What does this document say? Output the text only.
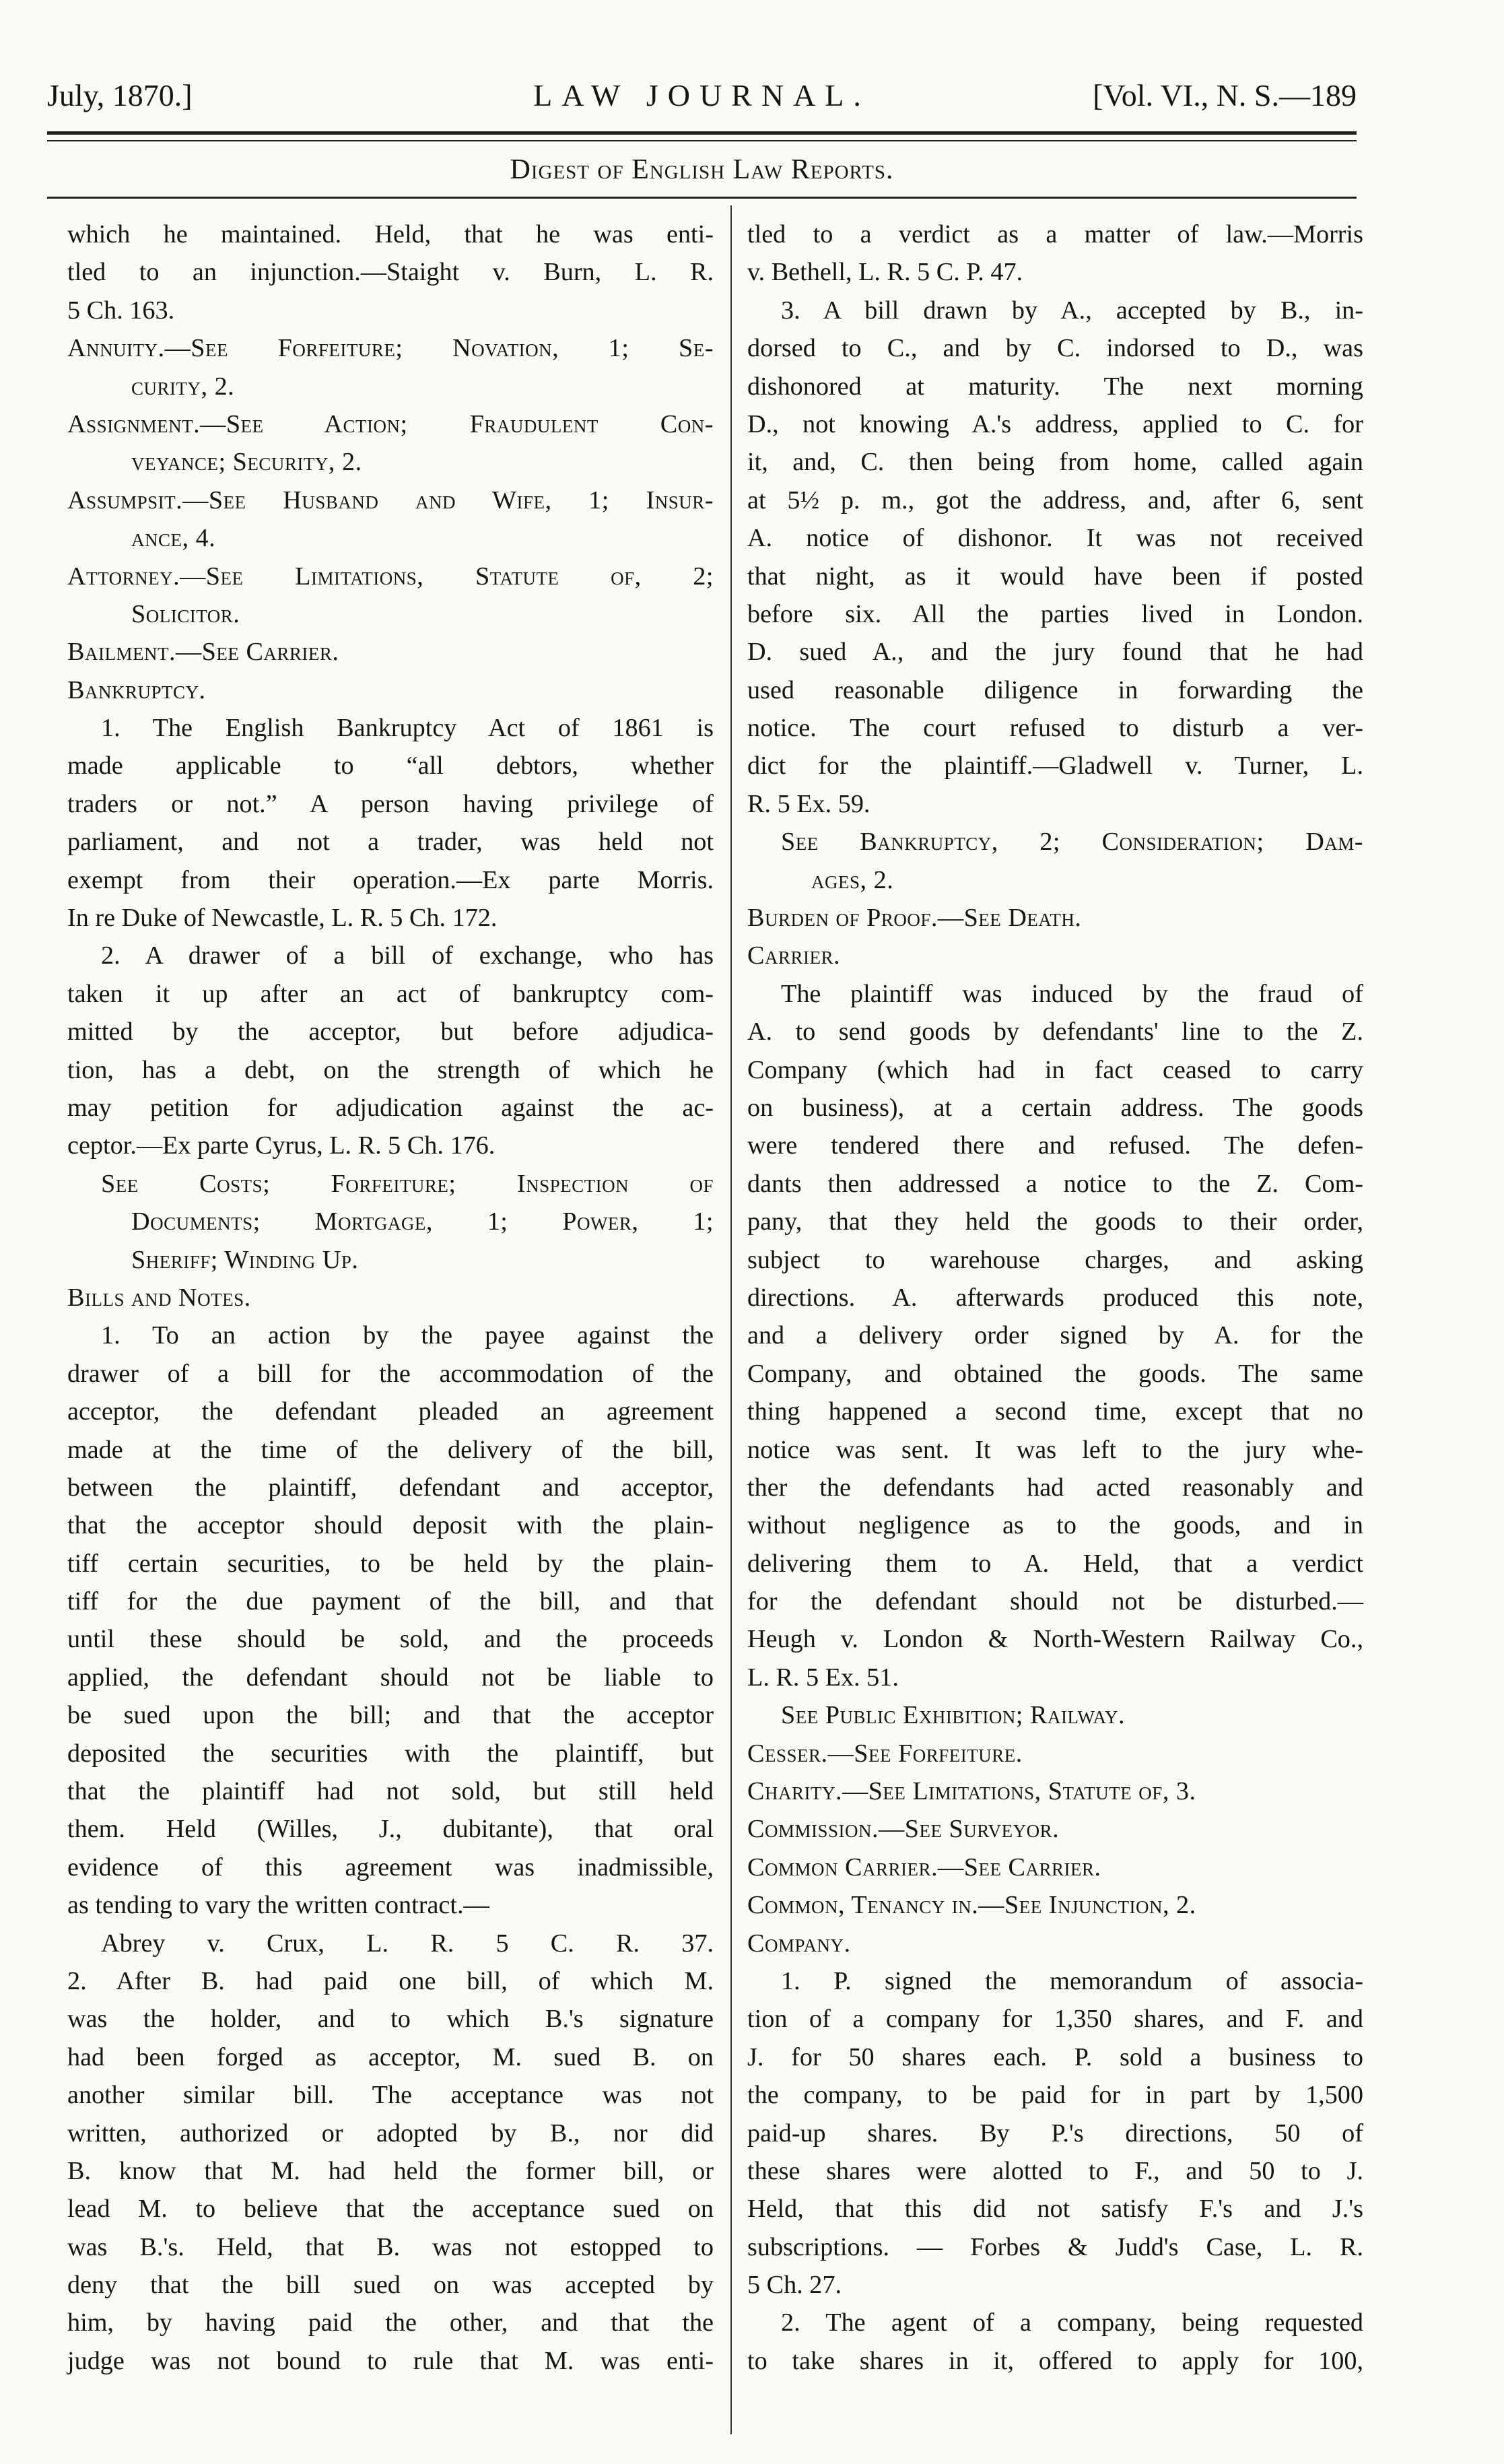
July, 1870.]	LAW JOURNAL.	[Vol. VI., N. S.—189
Digest of English Law Reports.
which he maintained. Held, that he was enti-
tled to an injunction.—Staight v. Burn, L. R.
5 Ch. 163.
Annuity.—See Forfeiture; Novation, 1; Se-
curity, 2.
Assignment.—See Action; Fraudulent Con-
veyance; Security, 2.
Assumpsit.—See Husband and Wife, 1; Insur-
ance, 4.
Attorney.—See Limitations, Statute of, 2;
Solicitor.
Bailment.—See Carrier.
Bankruptcy.
1. The English Bankruptcy Act of 1861 is
made applicable to “all debtors, whether
traders or not.” A person having privilege of
parliament, and not a trader, was held not
exempt from their operation.—Ex parte Morris.
In re Duke of Newcastle, L. R. 5 Ch. 172.
2. A drawer of a bill of exchange, who has
taken it up after an act of bankruptcy com-
mitted by the acceptor, but before adjudica-
tion, has a debt, on the strength of which he
may petition for adjudication against the ac-
ceptor.—Ex parte Cyrus, L. R. 5 Ch. 176.
See Costs; Forfeiture; Inspection of
Documents; Mortgage, 1; Power, 1;
Sheriff; Winding Up.
Bills and Notes.
1. To an action by the payee against the
drawer of a bill for the accommodation of the
acceptor, the defendant pleaded an agreement
made at the time of the delivery of the bill,
between the plaintiff, defendant and acceptor,
that the acceptor should deposit with the plain-
tiff certain securities, to be held by the plain-
tiff for the due payment of the bill, and that
until these should be sold, and the proceeds
applied, the defendant should not be liable to
be sued upon the bill; and that the acceptor
deposited the securities with the plaintiff, but
that the plaintiff had not sold, but still held
them. Held (Willes, J., dubitante), that oral
evidence of this agreement was inadmissible,
as tending to vary the written contract.—
Abrey v. Crux, L. R. 5 C. R. 37.
2. After B. had paid one bill, of which M.
was the holder, and to which B.'s signature
had been forged as acceptor, M. sued B. on
another similar bill. The acceptance was not
written, authorized or adopted by B., nor did
B. know that M. had held the former bill, or
lead M. to believe that the acceptance sued on
was B.'s. Held, that B. was not estopped to
deny that the bill sued on was accepted by
him, by having paid the other, and that the
judge was not bound to rule that M. was enti-
tled to a verdict as a matter of law.—Morris
v. Bethell, L. R. 5 C. P. 47.
3. A bill drawn by A., accepted by B., in-
dorsed to C., and by C. indorsed to D., was
dishonored at maturity. The next morning
D., not knowing A.'s address, applied to C. for
it, and, C. then being from home, called again
at 5½ p. m., got the address, and, after 6, sent
A. notice of dishonor. It was not received
that night, as it would have been if posted
before six. All the parties lived in London.
D. sued A., and the jury found that he had
used reasonable diligence in forwarding the
notice. The court refused to disturb a ver-
dict for the plaintiff.—Gladwell v. Turner, L.
R. 5 Ex. 59.
See Bankruptcy, 2; Consideration; Dam-
ages, 2.
Burden of Proof.—See Death.
Carrier.
The plaintiff was induced by the fraud of
A. to send goods by defendants' line to the Z.
Company (which had in fact ceased to carry
on business), at a certain address. The goods
were tendered there and refused. The defen-
dants then addressed a notice to the Z. Com-
pany, that they held the goods to their order,
subject to warehouse charges, and asking
directions. A. afterwards produced this note,
and a delivery order signed by A. for the
Company, and obtained the goods. The same
thing happened a second time, except that no
notice was sent. It was left to the jury whe-
ther the defendants had acted reasonably and
without negligence as to the goods, and in
delivering them to A. Held, that a verdict
for the defendant should not be disturbed.—
Heugh v. London & North-Western Railway Co.,
L. R. 5 Ex. 51.
See Public Exhibition; Railway.
Cesser.—See Forfeiture.
Charity.—See Limitations, Statute of, 3.
Commission.—See Surveyor.
Common Carrier.—See Carrier.
Common, Tenancy in.—See Injunction, 2.
Company.
1. P. signed the memorandum of associa-
tion of a company for 1,350 shares, and F. and
J. for 50 shares each. P. sold a business to
the company, to be paid for in part by 1,500
paid-up shares. By P.'s directions, 50 of
these shares were alotted to F., and 50 to J.
Held, that this did not satisfy F.'s and J.'s
subscriptions. — Forbes & Judd's Case, L. R.
5 Ch. 27.
2. The agent of a company, being requested
to take shares in it, offered to apply for 100,
